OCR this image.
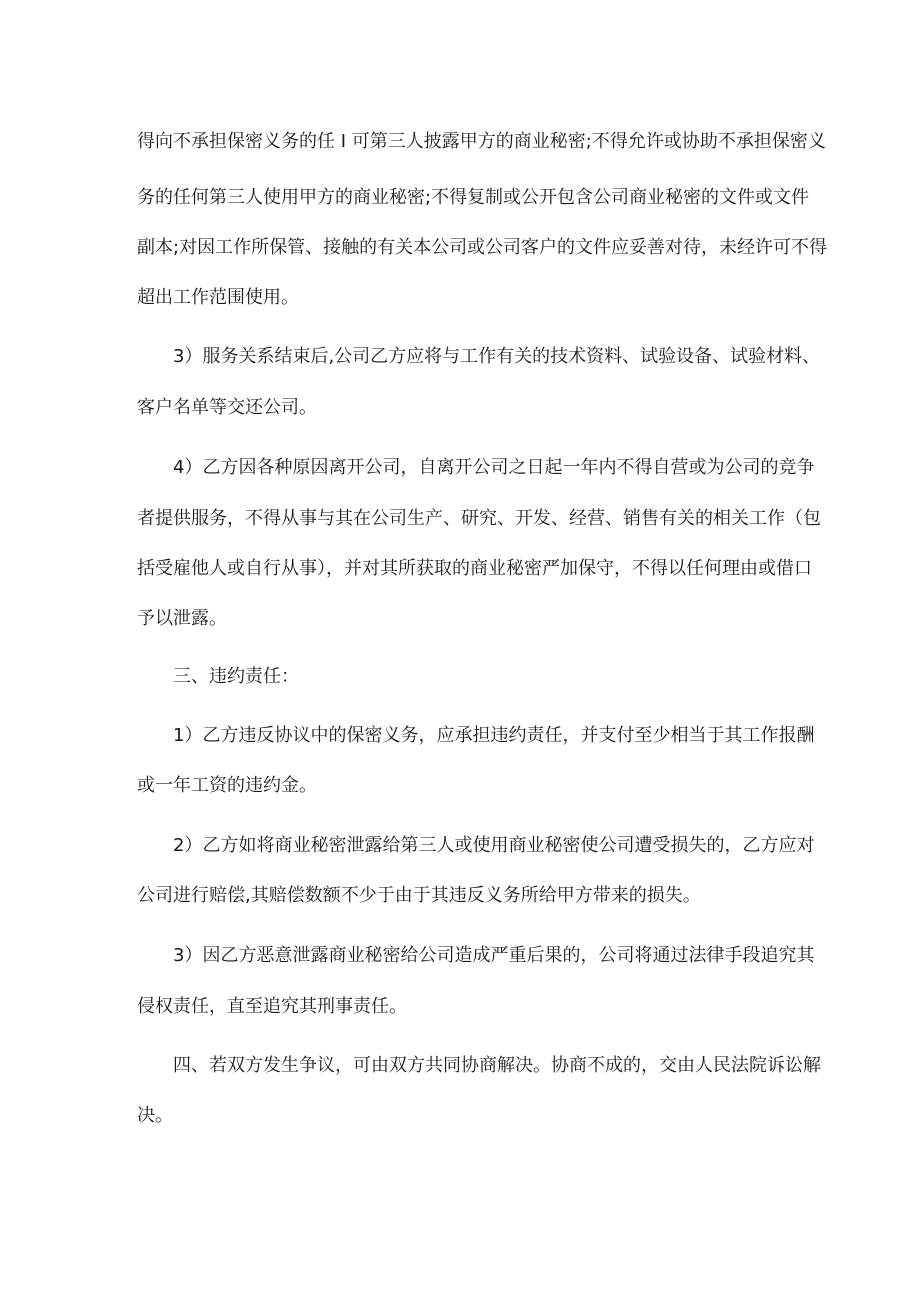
得向不承担保密义务的任 I 可第三人披露甲方的商业秘密;不得允许或协助不承担保密义
务的任何第三人使用甲方的商业秘密;不得复制或公开包含公司商业秘密的文件或文件
副本;对因工作所保管、接触的有关本公司或公司客户的文件应妥善对待，未经许可不得
超出工作范围使用。
3）服务关系结束后,公司乙方应将与工作有关的技术资料、试验设备、试验材料、
客户名单等交还公司。
4）乙方因各种原因离开公司，自离开公司之日起一年内不得自营或为公司的竞争
者提供服务，不得从事与其在公司生产、研究、开发、经营、销售有关的相关工作（包
括受雇他人或自行从事），并对其所获取的商业秘密严加保守，不得以任何理由或借口
予以泄露。
三、违约责任：
1）乙方违反协议中的保密义务，应承担违约责任，并支付至少相当于其工作报酬
或一年工资的违约金。
2）乙方如将商业秘密泄露给第三人或使用商业秘密使公司遭受损失的，乙方应对
公司进行赔偿,其赔偿数额不少于由于其违反义务所给甲方带来的损失。
3）因乙方恶意泄露商业秘密给公司造成严重后果的，公司将通过法律手段追究其
侵权责任，直至追究其刑事责任。
四、若双方发生争议，可由双方共同协商解决。协商不成的，交由人民法院诉讼解
决。
